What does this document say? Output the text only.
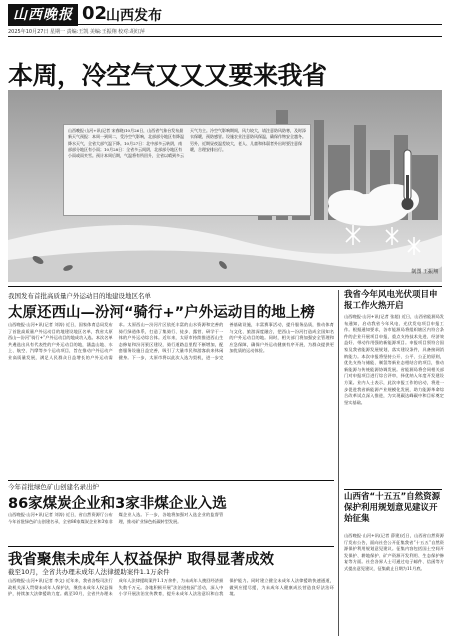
山西晚报 02
山西发布
2025年10月27日 星期一 责编:王凯 美编:王振翔 校对:胡红萍
本周，冷空气又又又要来我省
山西晚报·山河+讯(记者 宋春晓)10月26日，山西省气象台发布最新天气预报：本周一到周二，受冷空气影响，北部部分地区有降温降水天气，全省大部气温下降。10月27日：北中部多云转阴，南部部分地区有小雨；10月28日：全省多云间阴，北部部分地区有小雨或雨夹雪。预计本周后期，气温将有所回升，全省以晴到多云天气为主。冷空气影响期间，风力较大，请注意防风防寒，及时添衣保暖，预防感冒。设施农业注意防风保温，确保作物安全越冬。另外，近期昼夜温差较大，老人、儿童和体弱者外出时要注意保暖，合理安排出行。
制图 王振翔
我国发布首批高质量户外运动目的地建设地区名单
太原还西山—汾河“骑行+”户外运动目的地上榜
山西晚报·山河+讯(记者 刘涛) 近日，国家体育总局发布了首批高质量户外运动目的地建设地区名单，我省太原西山—汾河“骑行+”户外运动目的地成功入选。本次名单共遴选出具有代表性的户外运动目的地，涵盖山地、水上、航空、汽摩等多个运动项目，旨在推动户外运动产业高质量发展，满足人民群众日益增长的户外运动需求。太原西山—汾河片区依托丰富的山水资源和完善的骑行绿道体系，打造了集骑行、徒步、露营、研学于一体的户外运动综合体。近年来，太原市持续推进西山生态修复和汾河景区建设，骑行道路总里程不断增加，配套服务设施日益完善，吸引了大量市民和游客前来休闲健身。下一步，太原市将以此次入选为契机，进一步完善基础设施，丰富赛事活动，提升服务品质，推动体育与文化、旅游深度融合，把西山—汾河打造成全国知名的户外运动目的地。同时，相关部门将加强安全管理和应急保障，确保户外运动健康有序开展，为群众提供更加优质的运动体验。
我省今年风电光伏项目申报工作火热开启
山西晚报·山河+讯(记者 张超) 近日，山西省能源局发布通知，启动我省今年风电、光伏发电项目申报工作。根据通知要求，各市能源局将组织辖区内符合条件的企业开展项目申报，重点支持技术先进、经济效益好、带动作用强的新能源项目。申报项目须符合国家及我省能源发展规划，落实建设条件，具备接网消纳能力。本次申报将坚持公开、公平、公正的原则，优先支持与储能、制氢等新业态相结合的项目，推动新能源与传统能源协调发展。省能源局将会同相关部门对申报项目进行综合评审，择优纳入年度开发建设方案。业内人士表示，此次申报工作的启动，将进一步促进我省新能源产业规模化发展，助力能源革命综合改革试点深入推进，为实现碳达峰碳中和目标奠定坚实基础。
山西省“十五五”自然资源保护利用规划意见建议开始征集
山西晚报·山河+讯(记者 薛建)近日，山西省自然资源厅发布公告，面向社会公开征集我省“十五五”自然资源保护利用规划意见建议。征集内容包括国土空间开发保护、耕地保护、矿产资源开发利用、生态保护修复等方面。社会各界人士可通过电子邮件、信函等方式提出意见建议，征集截止日期为11月底。
今年首批绿色矿山创建名录出炉
86家煤炭企业和3家非煤企业入选
山西晚报·山河+讯(记者 刘涛) 近日，省自然资源厅公布今年首批绿色矿山创建名录，全省86家煤炭企业和3家非煤企业入选。下一步，各地将加强对入选企业的监督管理，推动矿业绿色低碳转型发展。
我省聚焦未成年人权益保护 取得显著成效
截至10月，全省共办理未成年人法律援助案件1.1万余件
山西晚报·山河+讯(记者 李文) 近年来，我省各级司法行政机关深入贯彻未成年人保护法，聚焦未成年人权益保护，持续加大法律援助力度。截至10月，全省共办理未成年人法律援助案件1.1万余件，为未成年人挽回经济损失数千万元。各地积极开展“法治进校园”活动，深入中小学开展法治宣传教育，提升未成年人法治意识和自我保护能力。同时建立健全未成年人法律援助快速通道，做到应援尽援，为未成年人健康成长营造良好法治环境。
